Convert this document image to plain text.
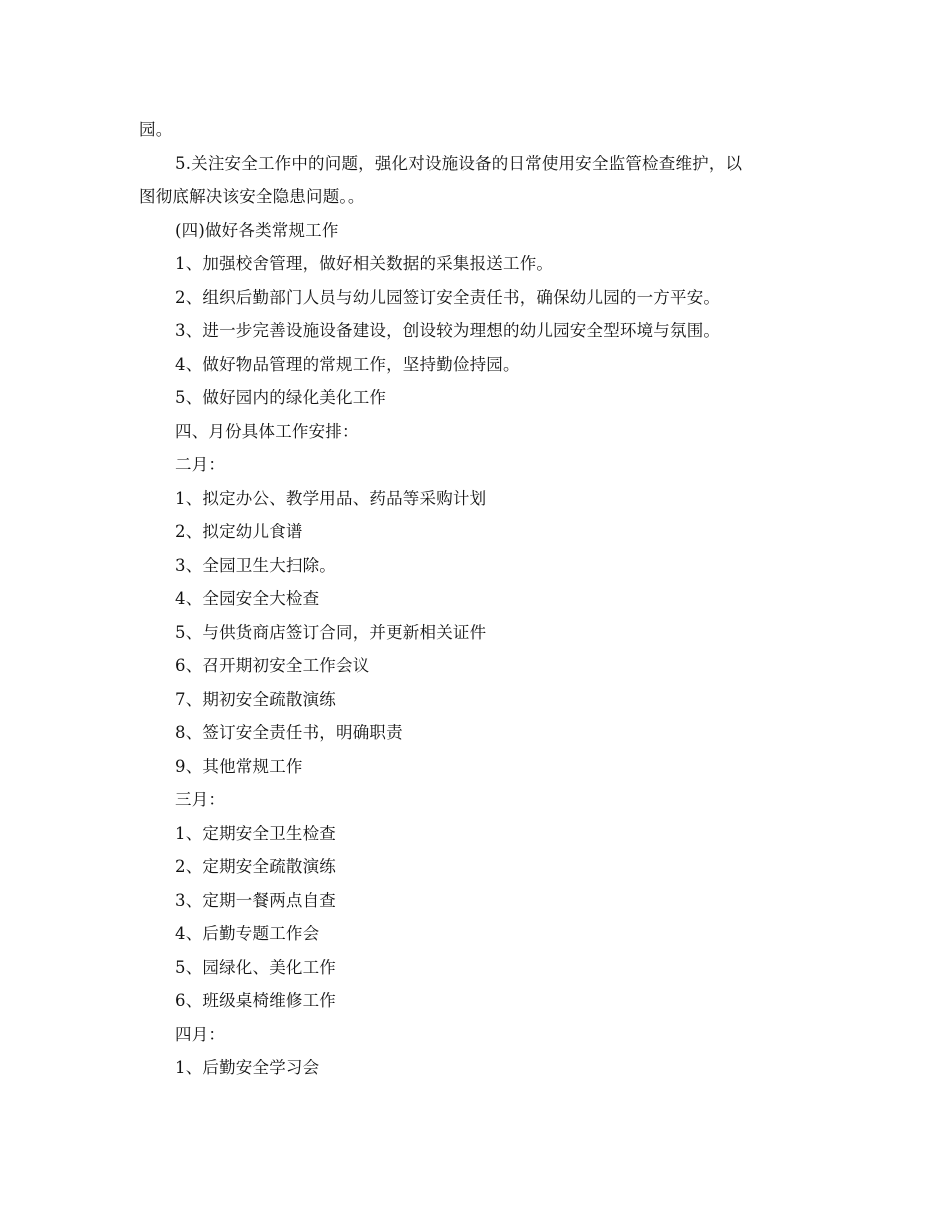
园。
5.关注安全工作中的问题，强化对设施设备的日常使用安全监管检查维护，以
图彻底解决该安全隐患问题。。
(四)做好各类常规工作
1、加强校舍管理，做好相关数据的采集报送工作。
2、组织后勤部门人员与幼儿园签订安全责任书，确保幼儿园的一方平安。
3、进一步完善设施设备建设，创设较为理想的幼儿园安全型环境与氛围。
4、做好物品管理的常规工作，坚持勤俭持园。
5、做好园内的绿化美化工作
四、月份具体工作安排：
二月：
1、拟定办公、教学用品、药品等采购计划
2、拟定幼儿食谱
3、全园卫生大扫除。
4、全园安全大检查
5、与供货商店签订合同，并更新相关证件
6、召开期初安全工作会议
7、期初安全疏散演练
8、签订安全责任书，明确职责
9、其他常规工作
三月：
1、定期安全卫生检查
2、定期安全疏散演练
3、定期一餐两点自查
4、后勤专题工作会
5、园绿化、美化工作
6、班级桌椅维修工作
四月：
1、后勤安全学习会
